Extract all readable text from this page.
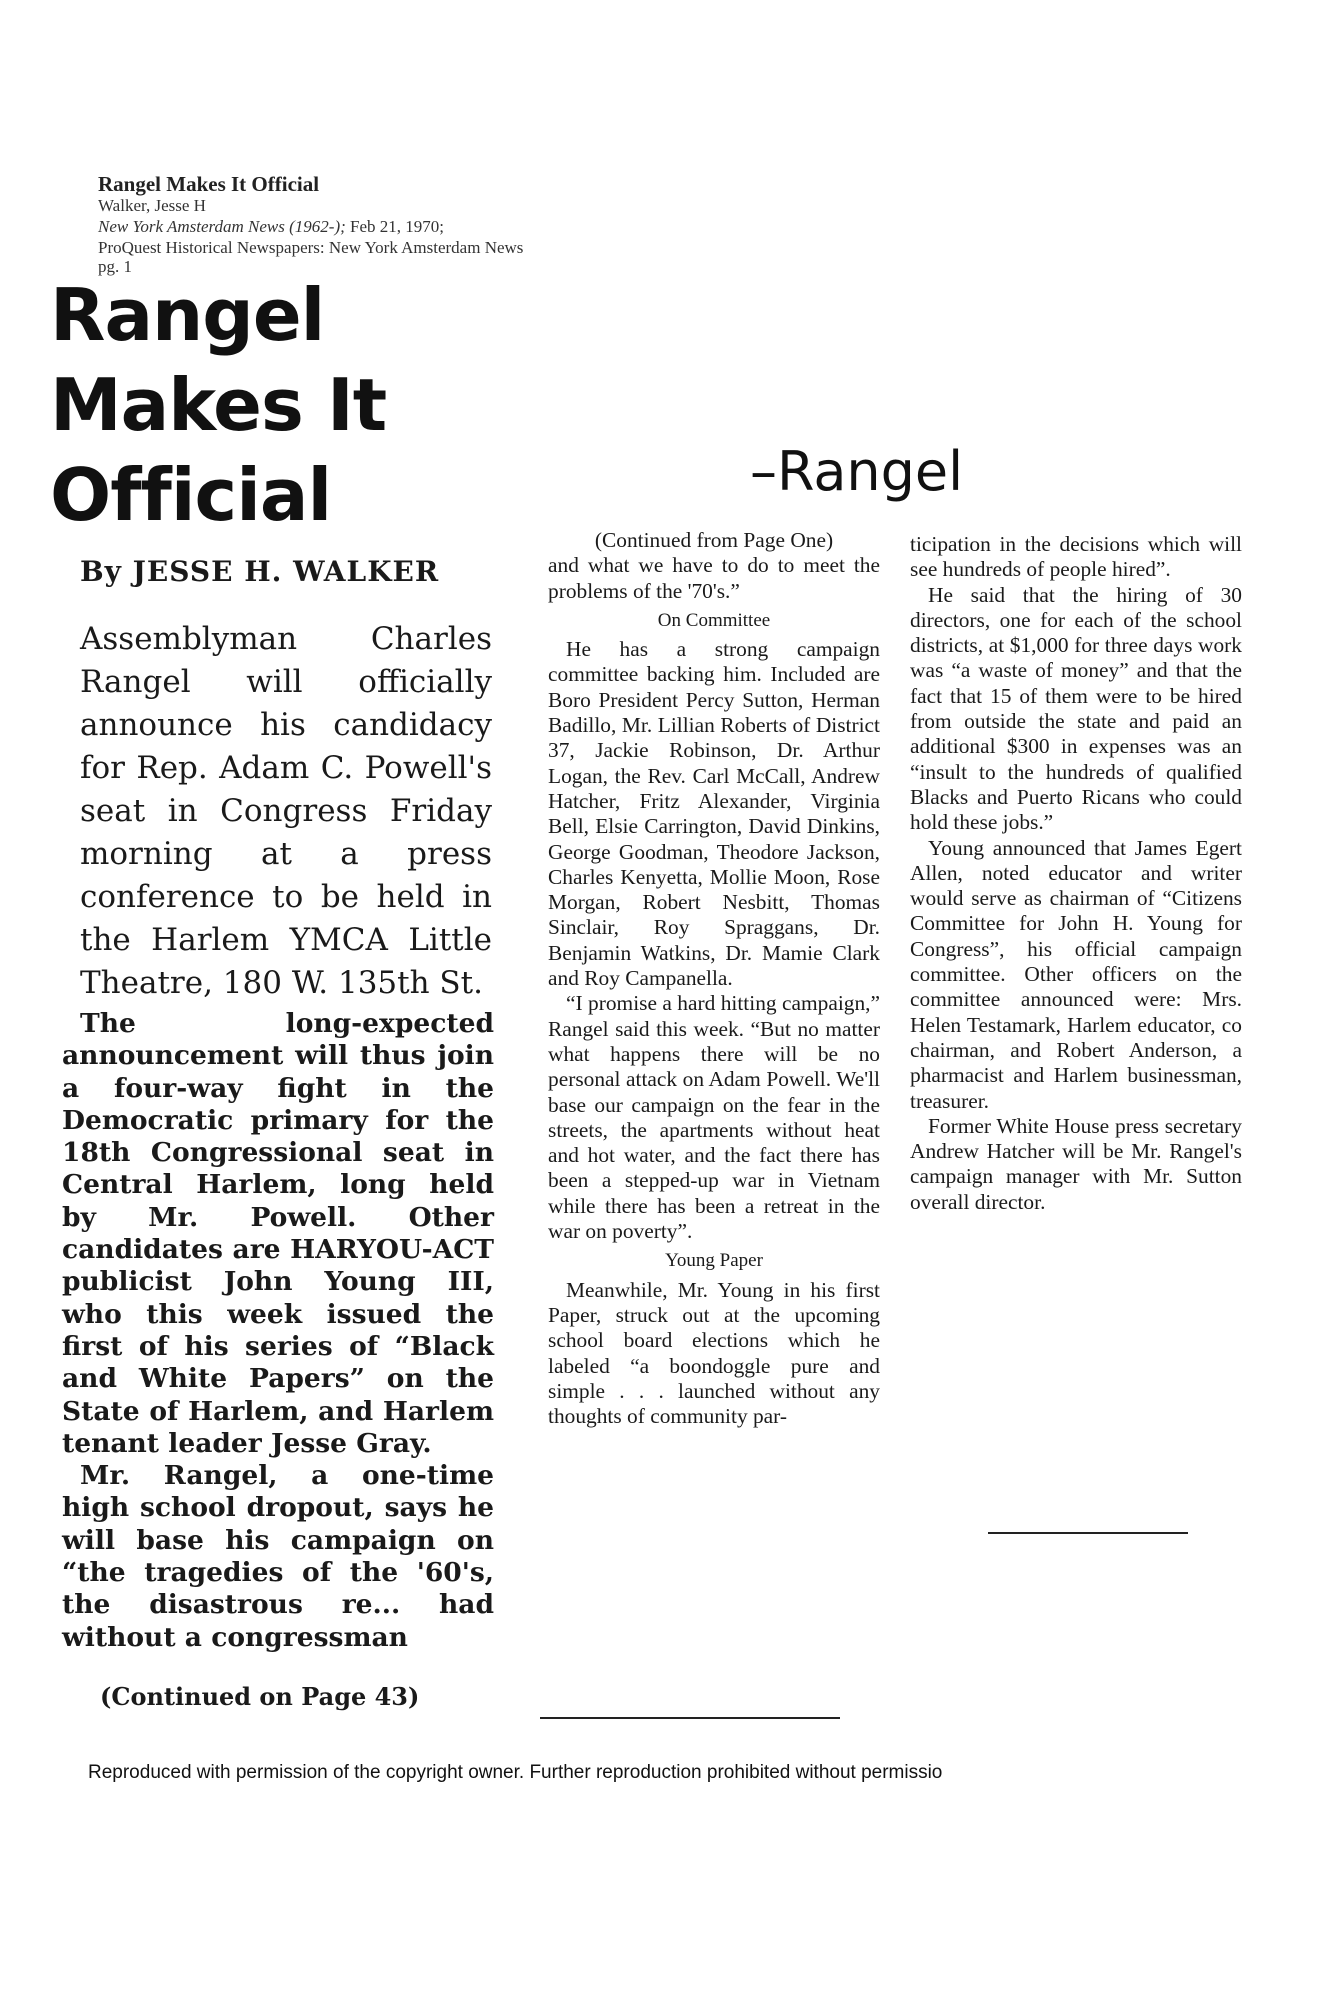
Rangel Makes It Official
Walker, Jesse H
New York Amsterdam News (1962-); Feb 21, 1970;
ProQuest Historical Newspapers: New York Amsterdam News
pg. 1
Rangel
Makes It
Official	–Rangel
By JESSE H. WALKER
Assemblyman Charles Rangel will officially announce his candidacy for Rep. Adam C. Powell's seat in Congress Friday morning at a press conference to be held in the Harlem YMCA Little Theatre, 180 W. 135th St.

The long-expected announcement will thus join a four-way fight in the Democratic primary for the 18th Congressional seat in Central Harlem, long held by Mr. Powell. Other candidates are HARYOU-ACT publicist John Young III, who this week issued the first of his series of “Black and White Papers” on the State of Harlem, and Harlem tenant leader Jesse Gray.

Mr. Rangel, a one-time high school dropout, says he will base his campaign on “the tragedies of the '60's, the disastrous re... had without a congressman

(Continued on Page 43)

(Continued from Page One)

and what we have to do to meet the problems of the '70's.”

On Committee

He has a strong campaign committee backing him. Included are Boro President Percy Sutton, Herman Badillo, Mr. Lillian Roberts of District 37, Jackie Robinson, Dr. Arthur Logan, the Rev. Carl McCall, Andrew Hatcher, Fritz Alexander, Virginia Bell, Elsie Carrington, David Dinkins, George Goodman, Theodore Jackson, Charles Kenyetta, Mollie Moon, Rose Morgan, Robert Nesbitt, Thomas Sinclair, Roy Spraggans, Dr. Benjamin Watkins, Dr. Mamie Clark and Roy Campanella.

“I promise a hard hitting campaign,” Rangel said this week. “But no matter what happens there will be no personal attack on Adam Powell. We'll base our campaign on the fear in the streets, the apartments without heat and hot water, and the fact there has been a stepped-up war in Vietnam while there has been a retreat in the war on poverty”.

Young Paper

Meanwhile, Mr. Young in his first Paper, struck out at the upcoming school board elections which he labeled “a boondoggle pure and simple . . . launched without any thoughts of community par-

ticipation in the decisions which will see hundreds of people hired”.

He said that the hiring of 30 directors, one for each of the school districts, at $1,000 for three days work was “a waste of money” and that the fact that 15 of them were to be hired from outside the state and paid an additional $300 in expenses was an “insult to the hundreds of qualified Blacks and Puerto Ricans who could hold these jobs.”

Young announced that James Egert Allen, noted educator and writer would serve as chairman of “Citizens Committee for John H. Young for Congress”, his official campaign committee. Other officers on the committee announced were: Mrs. Helen Testamark, Harlem educator, co chairman, and Robert Anderson, a pharmacist and Harlem businessman, treasurer.

Former White House press secretary Andrew Hatcher will be Mr. Rangel's campaign manager with Mr. Sutton overall director.

Reproduced with permission of the copyright owner. Further reproduction prohibited without permissio
